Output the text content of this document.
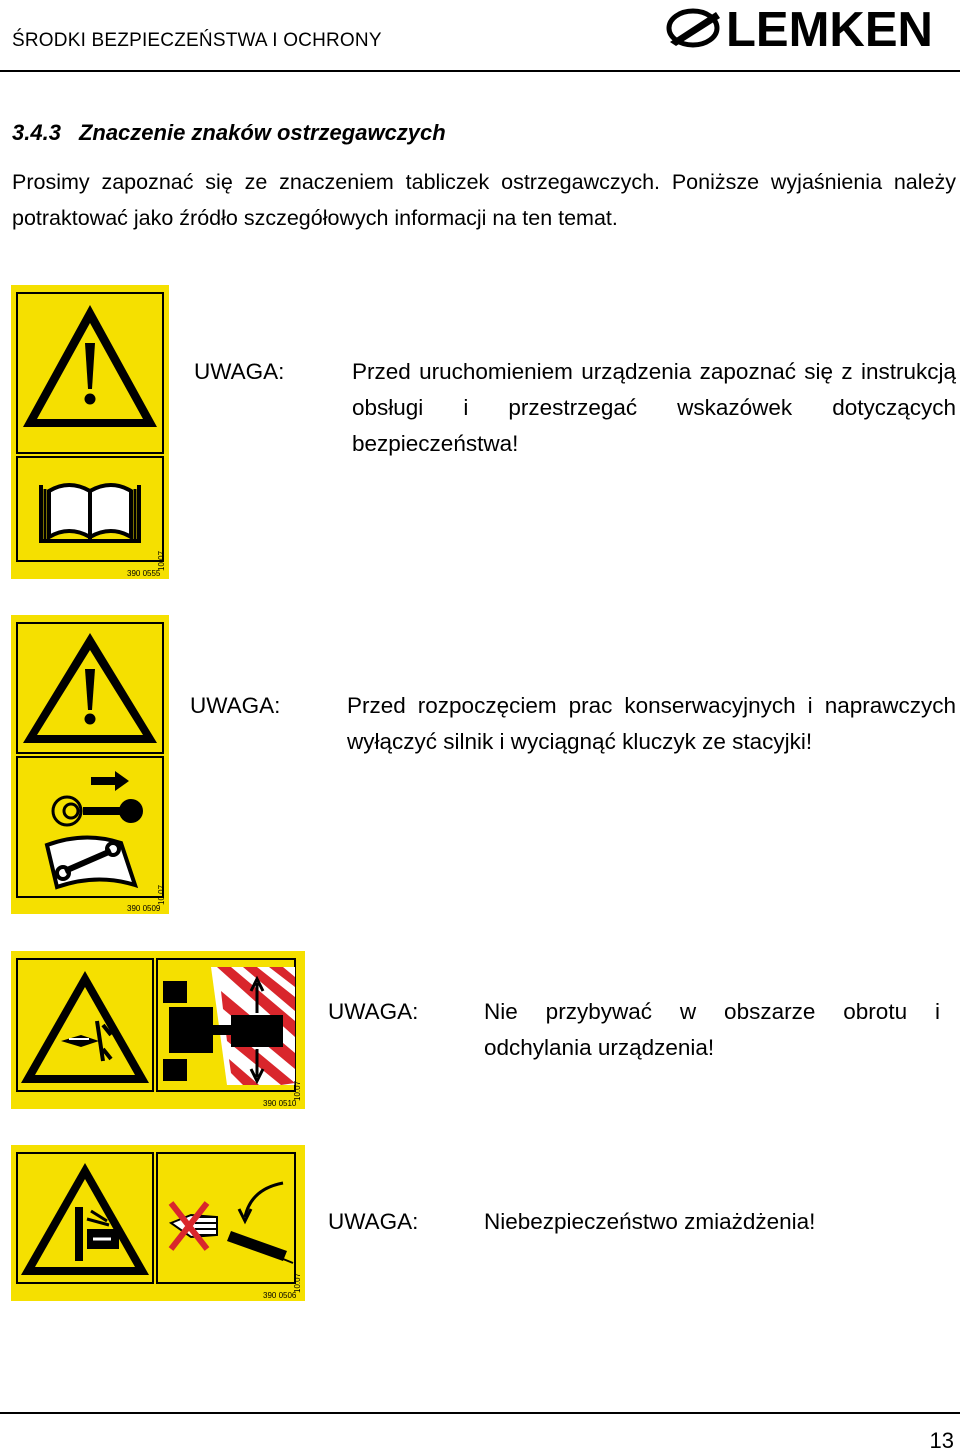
ŚRODKI BEZPIECZEŃSTWA I OCHRONY	LEMKEN
3.4.3 Znaczenie znaków ostrzegawczych
Prosimy zapoznać się ze znaczeniem tabliczek ostrzegawczych. Poniższe wyjaśnienia należy potraktować jako źródło szczegółowych informacji na ten temat.
390 0555
10.07
UWAGA:	Przed uruchomieniem urządzenia zapoznać się z instrukcją obsługi i przestrzegać wskazówek dotyczących bezpieczeństwa!
390 0509
10.07
UWAGA:	Przed rozpoczęciem prac konserwacyjnych i naprawczych wyłączyć silnik i wyciągnąć kluczyk ze stacyjki!
390 0510
10.07
UWAGA:	Nie przybywać w obszarze obrotu i odchylania urządzenia!
390 0506
10.07
UWAGA:	Niebezpieczeństwo zmiażdżenia!
13
